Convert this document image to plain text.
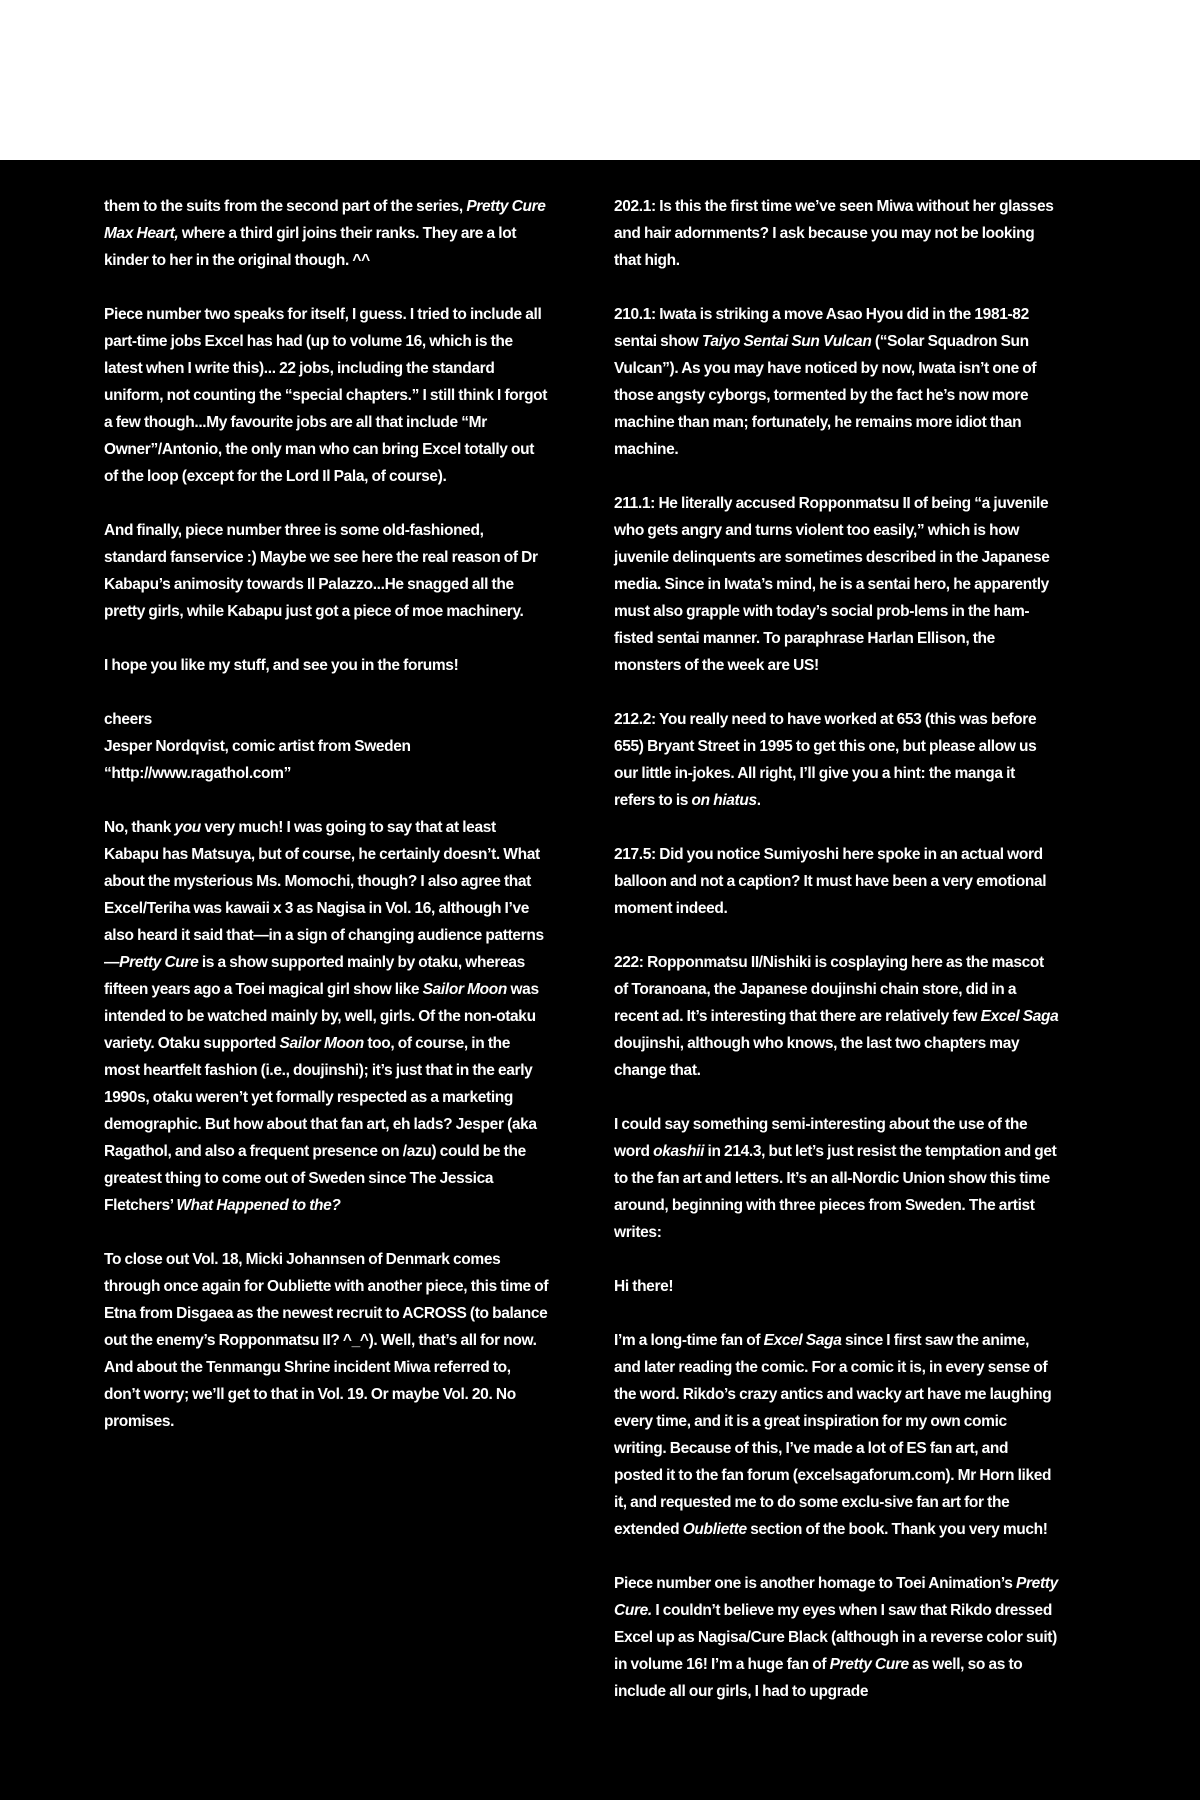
them to the suits from the second part of the series, Pretty Cure Max Heart, where a third girl joins their ranks. They are a lot kinder to her in the original though. ^^

Piece number two speaks for itself, I guess. I tried to include all part-time jobs Excel has had (up to volume 16, which is the latest when I write this)... 22 jobs, including the standard uniform, not counting the “special chapters.” I still think I forgot a few though...My favourite jobs are all that include “Mr Owner”/Antonio, the only man who can bring Excel totally out of the loop (except for the Lord Il Pala, of course).

And finally, piece number three is some old-fashioned, standard fanservice :) Maybe we see here the real reason of Dr Kabapu’s animosity towards Il Palazzo...He snagged all the pretty girls, while Kabapu just got a piece of moe machinery.

I hope you like my stuff, and see you in the forums!

cheers
Jesper Nordqvist, comic artist from Sweden
“http://www.ragathol.com”

No, thank you very much! I was going to say that at least Kabapu has Matsuya, but of course, he certainly doesn’t. What about the mysterious Ms. Momochi, though? I also agree that Excel/Teriha was kawaii x 3 as Nagisa in Vol. 16, although I’ve also heard it said that—in a sign of changing audience patterns—Pretty Cure is a show supported mainly by otaku, whereas fifteen years ago a Toei magical girl show like Sailor Moon was intended to be watched mainly by, well, girls. Of the non-otaku variety. Otaku supported Sailor Moon too, of course, in the most heartfelt fashion (i.e., doujinshi); it’s just that in the early 1990s, otaku weren’t yet formally respected as a marketing demographic. But how about that fan art, eh lads? Jesper (aka Ragathol, and also a frequent presence on /azu) could be the greatest thing to come out of Sweden since The Jessica Fletchers’ What Happened to the?

To close out Vol. 18, Micki Johannsen of Denmark comes through once again for Oubliette with another piece, this time of Etna from Disgaea as the newest recruit to ACROSS (to balance out the enemy’s Ropponmatsu II? ^_^). Well, that’s all for now. And about the Tenmangu Shrine incident Miwa referred to, don’t worry; we’ll get to that in Vol. 19. Or maybe Vol. 20. No promises.

202.1: Is this the first time we’ve seen Miwa without her glasses and hair adornments? I ask because you may not be looking that high.

210.1: Iwata is striking a move Asao Hyou did in the 1981-82 sentai show Taiyo Sentai Sun Vulcan (“Solar Squadron Sun Vulcan”). As you may have noticed by now, Iwata isn’t one of those angsty cyborgs, tormented by the fact he’s now more machine than man; fortunately, he remains more idiot than machine.

211.1: He literally accused Ropponmatsu II of being “a juvenile who gets angry and turns violent too easily,” which is how juvenile delinquents are sometimes described in the Japanese media. Since in Iwata’s mind, he is a sentai hero, he apparently must also grapple with today’s social prob-lems in the ham-fisted sentai manner. To paraphrase Harlan Ellison, the monsters of the week are US!

212.2: You really need to have worked at 653 (this was before 655) Bryant Street in 1995 to get this one, but please allow us our little in-jokes. All right, I’ll give you a hint: the manga it refers to is on hiatus.

217.5: Did you notice Sumiyoshi here spoke in an actual word balloon and not a caption? It must have been a very emotional moment indeed.

222: Ropponmatsu II/Nishiki is cosplaying here as the mascot of Toranoana, the Japanese doujinshi chain store, did in a recent ad. It’s interesting that there are relatively few Excel Saga doujinshi, although who knows, the last two chapters may change that.

I could say something semi-interesting about the use of the word okashii in 214.3, but let’s just resist the temptation and get to the fan art and letters. It’s an all-Nordic Union show this time around, beginning with three pieces from Sweden. The artist writes:

Hi there!

I’m a long-time fan of Excel Saga since I first saw the anime, and later reading the comic. For a comic it is, in every sense of the word. Rikdo’s crazy antics and wacky art have me laughing every time, and it is a great inspiration for my own comic writing. Because of this, I’ve made a lot of ES fan art, and posted it to the fan forum (excelsagaforum.com). Mr Horn liked it, and requested me to do some exclu-sive fan art for the extended Oubliette section of the book. Thank you very much!

Piece number one is another homage to Toei Animation’s Pretty Cure. I couldn’t believe my eyes when I saw that Rikdo dressed Excel up as Nagisa/Cure Black (although in a reverse color suit) in volume 16! I’m a huge fan of Pretty Cure as well, so as to include all our girls, I had to upgrade
